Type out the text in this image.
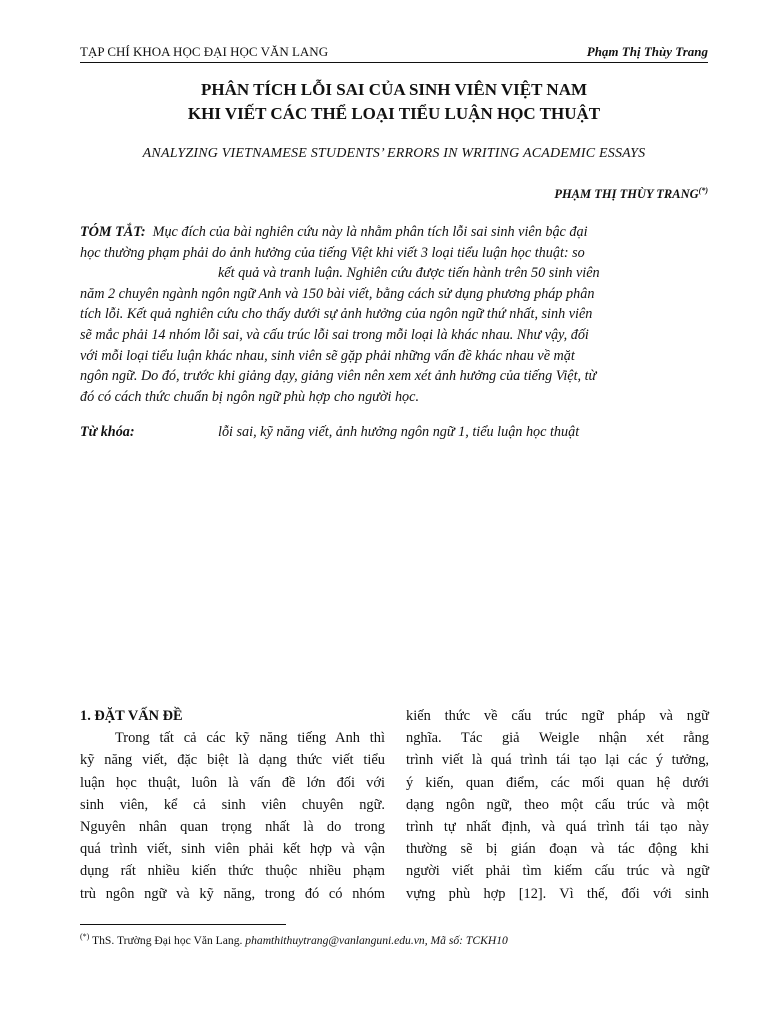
TẠP CHÍ KHOA HỌC ĐẠI HỌC VĂN LANG	Phạm Thị Thùy Trang
PHÂN TÍCH LỖI SAI CỦA SINH VIÊN VIỆT NAM
KHI VIẾT CÁC THỂ LOẠI TIỂU LUẬN HỌC THUẬT
ANALYZING VIETNAMESE STUDENTS’ ERRORS IN WRITING ACADEMIC ESSAYS
PHẠM THỊ THÙY TRANG(*)
TÓM TẮT: Mục đích của bài nghiên cứu này là nhằm phân tích lỗi sai sinh viên bậc đại
học thường phạm phải do ảnh hưởng của tiếng Việt khi viết 3 loại tiểu luận học thuật: so
kết quả và tranh luận. Nghiên cứu được tiến hành trên 50 sinh viên
năm 2 chuyên ngành ngôn ngữ Anh và 150 bài viết, bằng cách sử dụng phương pháp phân
tích lỗi. Kết quả nghiên cứu cho thấy dưới sự ảnh hưởng của ngôn ngữ thứ nhất, sinh viên
sẽ mắc phải 14 nhóm lỗi sai, và cấu trúc lỗi sai trong mỗi loại là khác nhau. Như vậy, đối
với mỗi loại tiểu luận khác nhau, sinh viên sẽ gặp phải những vấn đề khác nhau về mặt
ngôn ngữ. Do đó, trước khi giảng dạy, giảng viên nên xem xét ảnh hưởng của tiếng Việt, từ
đó có cách thức chuẩn bị ngôn ngữ phù hợp cho người học.
Từ khóa:	lỗi sai, kỹ năng viết, ảnh hưởng ngôn ngữ 1, tiểu luận học thuật
1. ĐẶT VẤN ĐỀ
Trong tất cả các kỹ năng tiếng Anh thì
kỹ năng viết, đặc biệt là dạng thức viết tiểu
luận học thuật, luôn là vấn đề lớn đối với
sinh viên, kể cả sinh viên chuyên ngữ.
Nguyên nhân quan trọng nhất là do trong
quá trình viết, sinh viên phải kết hợp và vận
dụng rất nhiều kiến thức thuộc nhiều phạm
trù ngôn ngữ và kỹ năng, trong đó có nhóm
kiến thức về cấu trúc ngữ pháp và ngữ
nghĩa. Tác giả Weigle nhận xét rằng
trình viết là quá trình tái tạo lại các ý tưởng,
ý kiến, quan điểm, các mối quan hệ dưới
dạng ngôn ngữ, theo một cấu trúc và một
trình tự nhất định, và quá trình tái tạo này
thường sẽ bị gián đoạn và tác động khi
người viết phải tìm kiếm cấu trúc và ngữ
vựng phù hợp [12]. Vì thế, đối với sinh
(*) ThS. Trường Đại học Văn Lang. phamthithuytrang@vanlanguni.edu.vn, Mã số: TCKH10
